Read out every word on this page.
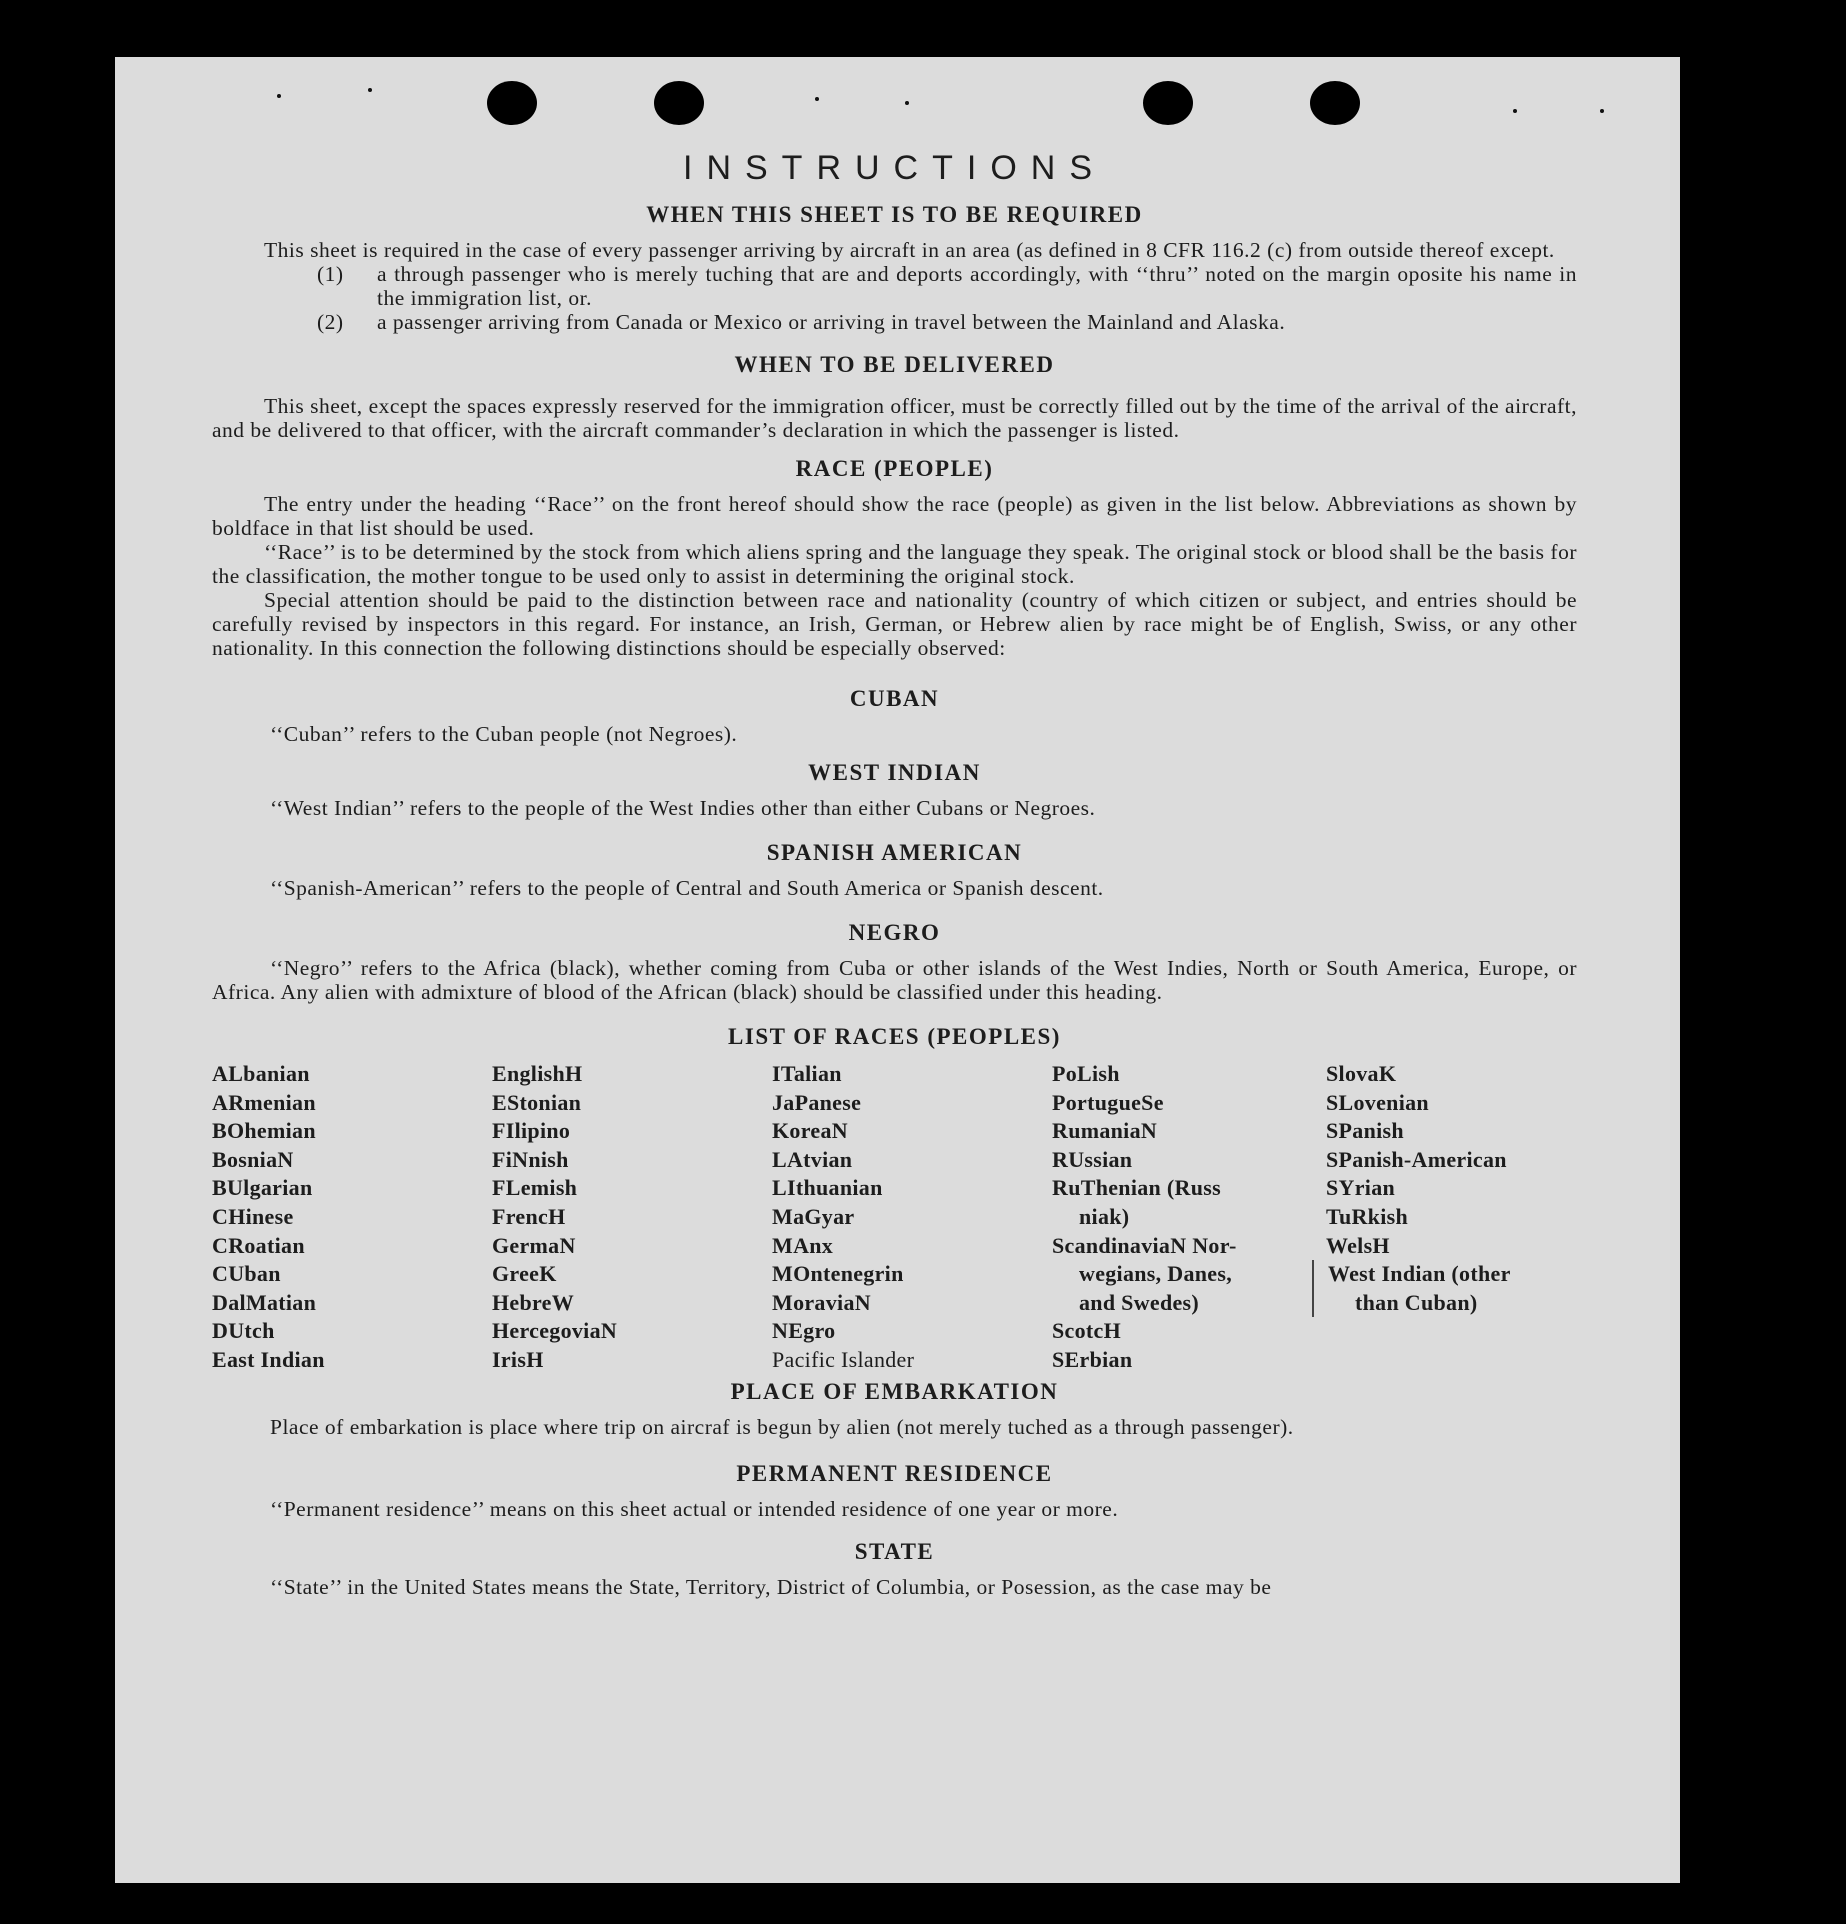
INSTRUCTIONS
WHEN THIS SHEET IS TO BE REQUIRED

This sheet is required in the case of every passenger arriving by aircraft in an area (as defined in 8 CFR 116.2 (c) from outside thereof except.

(1)	a through passenger who is merely tuching that are and deports accordingly, with ‘‘thru’’ noted on the margin oposite his name in the immigration list, or.
(2)	a passenger arriving from Canada or Mexico or arriving in travel between the Mainland and Alaska.
WHEN TO BE DELIVERED

This sheet, except the spaces expressly reserved for the immigration officer, must be correctly filled out by the time of the arrival of the aircraft, and be delivered to that officer, with the aircraft commander’s declaration in which the passenger is listed.

RACE (PEOPLE)

The entry under the heading ‘‘Race’’ on the front hereof should show the race (people) as given in the list below. Abbreviations as shown by boldface in that list should be used.

‘‘Race’’ is to be determined by the stock from which aliens spring and the language they speak. The original stock or blood shall be the basis for the classification, the mother tongue to be used only to assist in determining the original stock.

Special attention should be paid to the distinction between race and nationality (country of which citizen or subject, and entries should be carefully revised by inspectors in this regard. For instance, an Irish, German, or Hebrew alien by race might be of English, Swiss, or any other nationality. In this connection the following distinctions should be especially observed:

CUBAN

‘‘Cuban’’ refers to the Cuban people (not Negroes).

WEST INDIAN

‘‘West Indian’’ refers to the people of the West Indies other than either Cubans or Negroes.

SPANISH AMERICAN

‘‘Spanish-American’’ refers to the people of Central and South America or Spanish descent.

NEGRO

‘‘Negro’’ refers to the Africa (black), whether coming from Cuba or other islands of the West Indies, North or South America, Europe, or Africa. Any alien with admixture of blood of the African (black) should be classified under this heading.

LIST OF RACES (PEOPLES)
ALbanian
ARmenian
BOhemian
BosniaN
BUlgarian
CHinese
CRoatian
CUban
DalMatian
DUtch
East Indian
EnglishH
EStonian
FIlipino
FiNnish
FLemish
FrencH
GermaN
GreeK
HebreW
HercegoviaN
IrisH
ITalian
JaPanese
KoreaN
LAtvian
LIthuanian
MaGyar
MAnx
MOntenegrin
MoraviaN
NEgro
Pacific Islander
PoLish
PortugueSe
RumaniaN
RUssian
RuThenian (Russ
niak)
ScandinaviaN Nor-
wegians, Danes,
and Swedes)
ScotcH
SErbian
SlovaK
SLovenian
SPanish
SPanish-American
SYrian
TuRkish
WelsH
West Indian (other
than Cuban)
PLACE OF EMBARKATION

Place of embarkation is place where trip on aircraf is begun by alien (not merely tuched as a through passenger).

PERMANENT RESIDENCE

‘‘Permanent residence’’ means on this sheet actual or intended residence of one year or more.

STATE

‘‘State’’ in the United States means the State, Territory, District of Columbia, or Posession, as the case may be
